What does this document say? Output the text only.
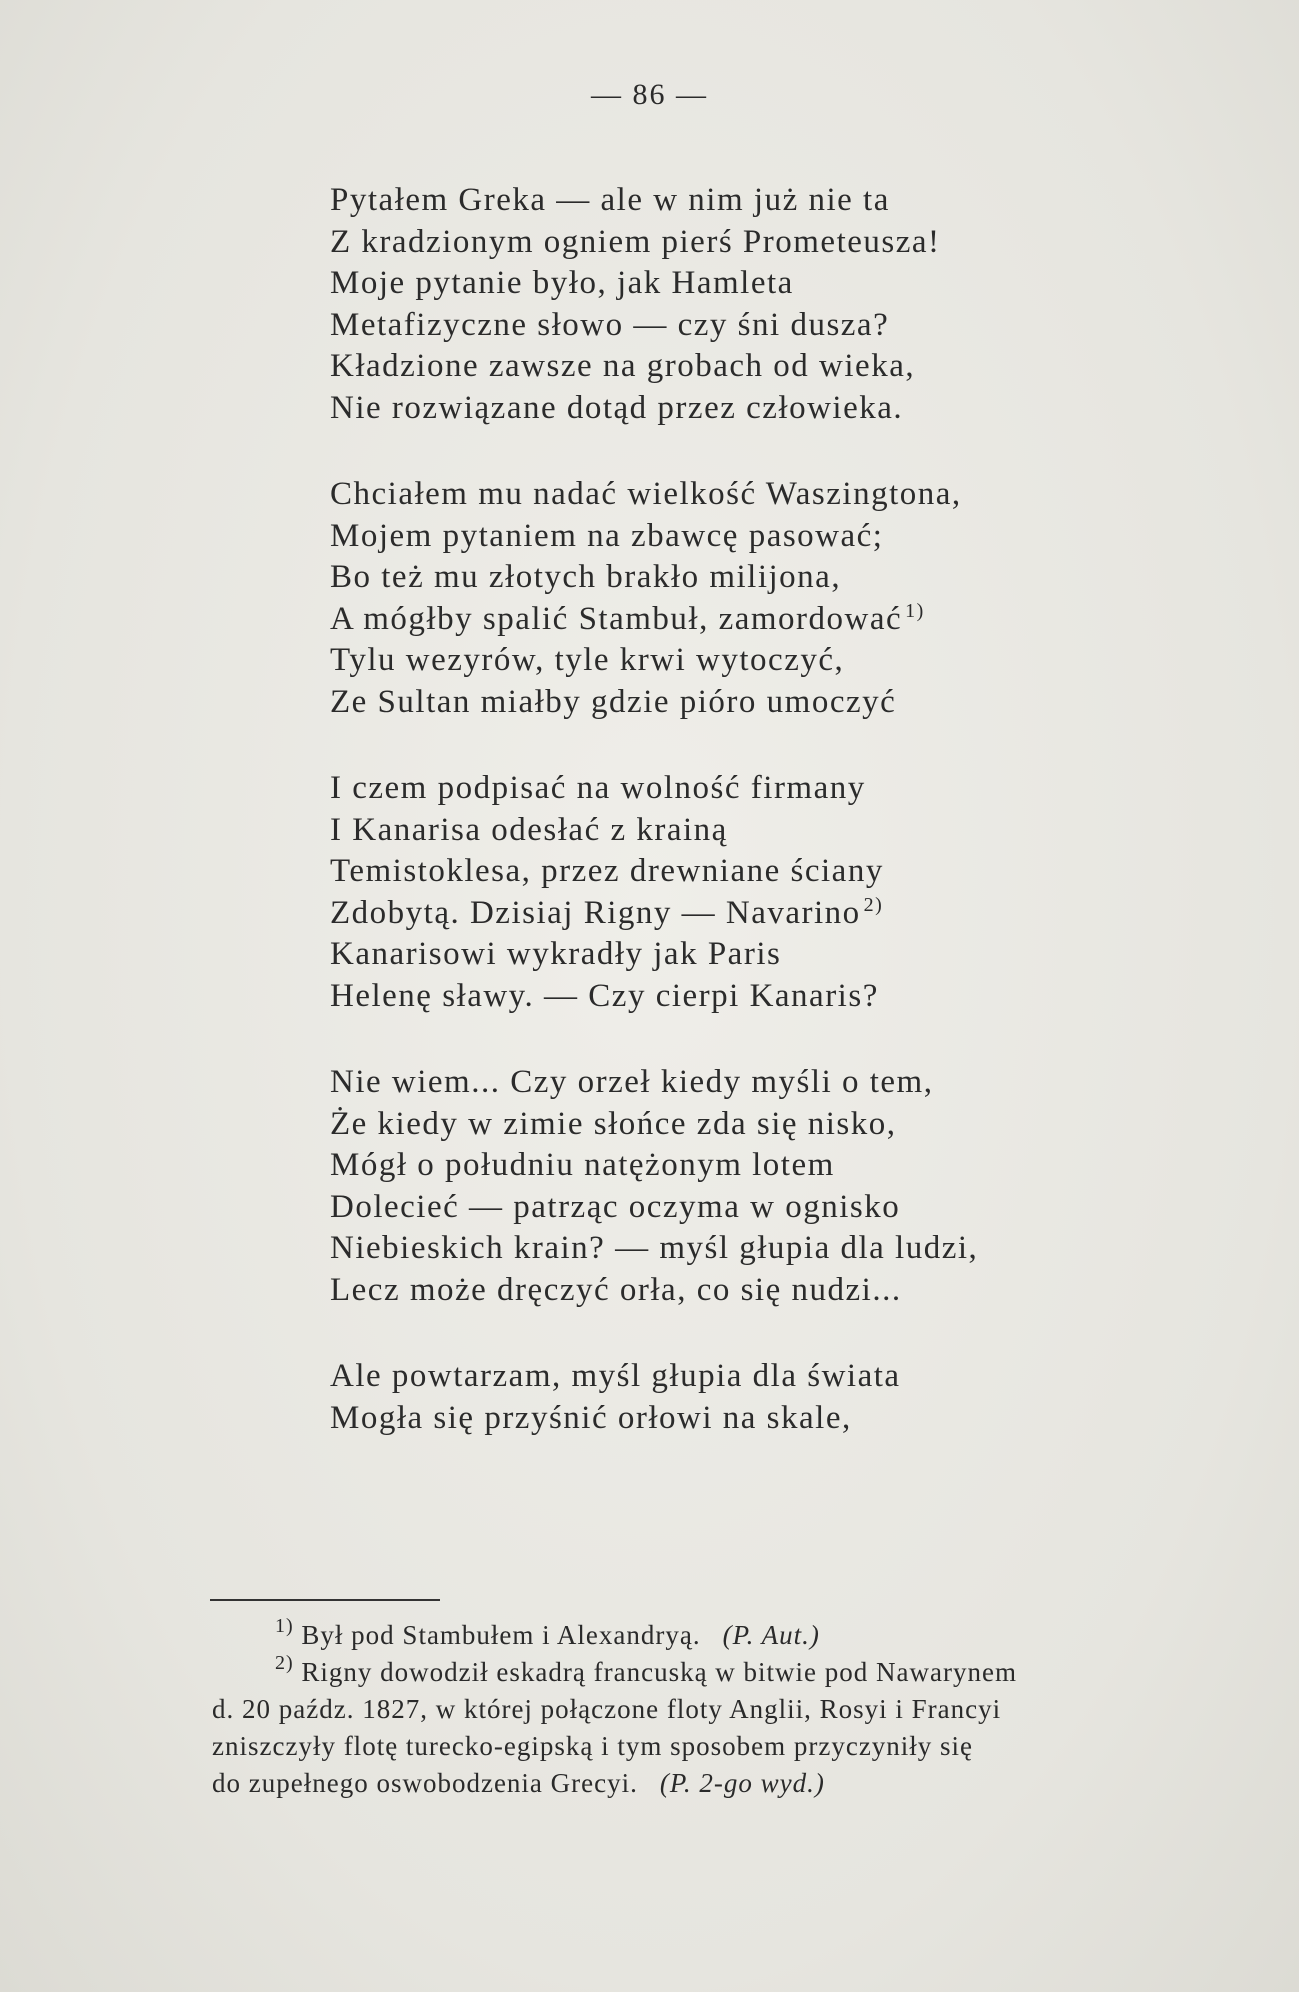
— 86 —
Pytałem Greka — ale w nim już nie ta
Z kradzionym ogniem pierś Prometeusza!
Moje pytanie było, jak Hamleta
Metafizyczne słowo — czy śni dusza?
Kładzione zawsze na grobach od wieka,
Nie rozwiązane dotąd przez człowieka.
Chciałem mu nadać wielkość Waszingtona,
Mojem pytaniem na zbawcę pasować;
Bo też mu złotych brakło milijona,
A mógłby spalić Stambuł, zamordować $^{1)}$
Tylu wezyrów, tyle krwi wytoczyć,
Ze Sultan miałby gdzie pióro umoczyć
I czem podpisać na wolność firmany
I Kanarisa odesłać z krainą
Temistoklesa, przez drewniane ściany
Zdobytą. Dzisiaj Rigny — Navarino $^{2)}$
Kanarisowi wykradły jak Paris
Helenę sławy. — Czy cierpi Kanaris?
Nie wiem... Czy orzeł kiedy myśli o tem,
Że kiedy w zimie słońce zda się nisko,
Mógł o południu natężonym lotem
Dolecieć — patrząc oczyma w ognisko
Niebieskich krain? — myśl głupia dla ludzi,
Lecz może dręczyć orła, co się nudzi...
Ale powtarzam, myśl głupia dla świata
Mogła się przyśnić orłowi na skale,
$^{1)}$ Był pod Stambułem i Alexandryą. (P. Aut.)
$^{2)}$ Rigny dowodził eskadrą francuską w bitwie pod Nawarynem
d. 20 paźdz. 1827, w której połączone floty Anglii, Rosyi i Francyi
zniszczyły flotę turecko-egipską i tym sposobem przyczyniły się
do zupełnego oswobodzenia Grecyi. (P. 2-go wyd.)
